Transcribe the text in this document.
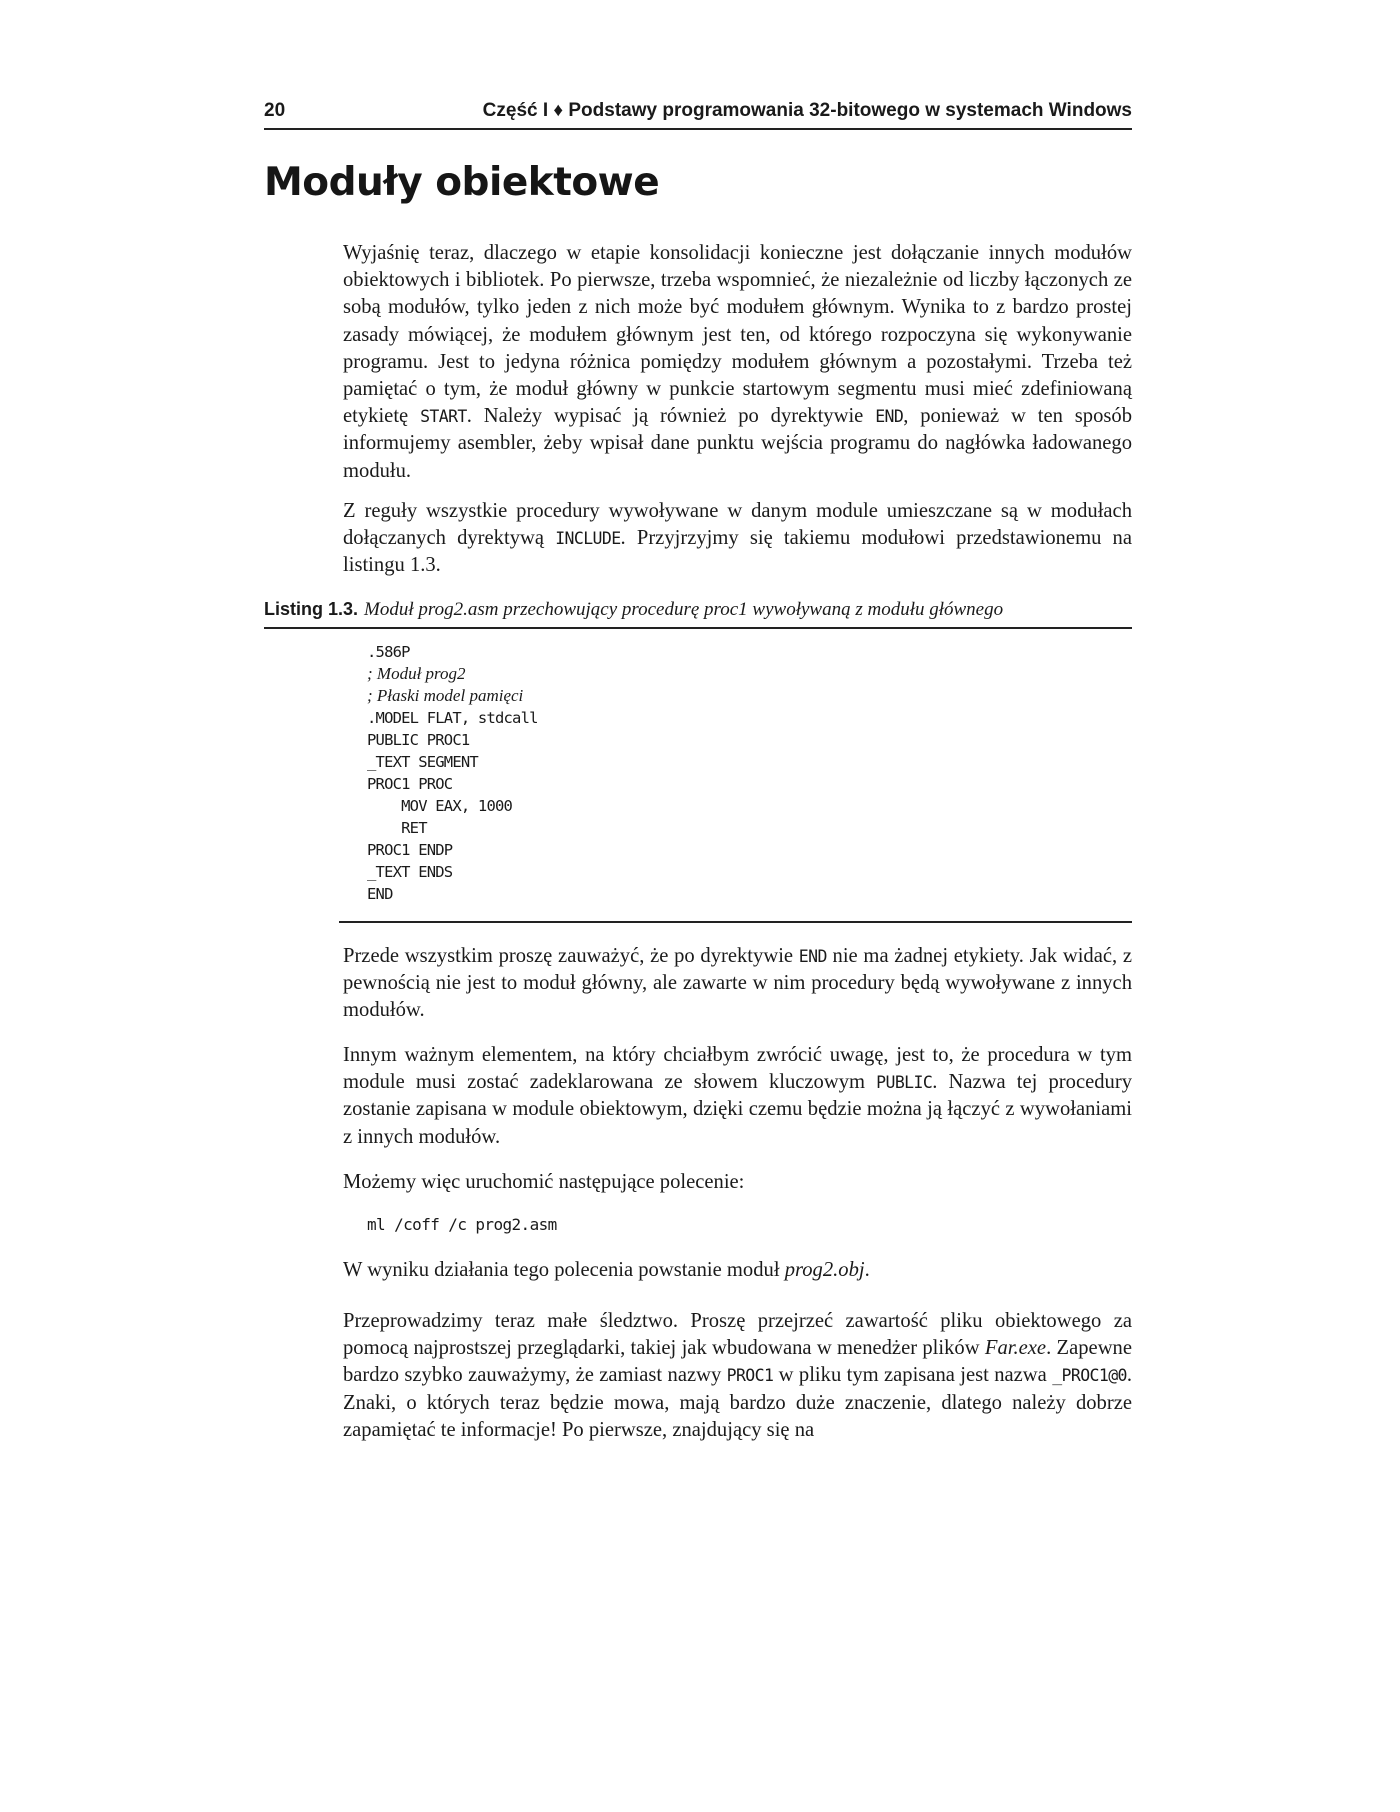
20	Część I ♦ Podstawy programowania 32-bitowego w systemach Windows
Moduły obiektowe

Wyjaśnię teraz, dlaczego w etapie konsolidacji konieczne jest dołączanie innych modułów obiektowych i bibliotek. Po pierwsze, trzeba wspomnieć, że niezależnie od liczby łączonych ze sobą modułów, tylko jeden z nich może być modułem głównym. Wynika to z bardzo prostej zasady mówiącej, że modułem głównym jest ten, od którego rozpoczyna się wykonywanie programu. Jest to jedyna różnica pomiędzy modułem głównym a pozostałymi. Trzeba też pamiętać o tym, że moduł główny w punkcie startowym segmentu musi mieć zdefiniowaną etykietę START. Należy wypisać ją również po dyrektywie END, ponieważ w ten sposób informujemy asembler, żeby wpisał dane punktu wejścia programu do nagłówka ładowanego modułu.

Z reguły wszystkie procedury wywoływane w danym module umieszczane są w modułach dołączanych dyrektywą INCLUDE. Przyjrzyjmy się takiemu modułowi przedstawionemu na listingu 1.3.

Listing 1.3. Moduł prog2.asm przechowujący procedurę proc1 wywoływaną z modułu głównego
.586P
; Moduł prog2
; Płaski model pamięci
.MODEL FLAT, stdcall
PUBLIC PROC1
_TEXT SEGMENT
PROC1 PROC
MOV EAX, 1000
RET
PROC1 ENDP
_TEXT ENDS
END

Przede wszystkim proszę zauważyć, że po dyrektywie END nie ma żadnej etykiety. Jak widać, z pewnością nie jest to moduł główny, ale zawarte w nim procedury będą wywoływane z innych modułów.

Innym ważnym elementem, na który chciałbym zwrócić uwagę, jest to, że procedura w tym module musi zostać zadeklarowana ze słowem kluczowym PUBLIC. Nazwa tej procedury zostanie zapisana w module obiektowym, dzięki czemu będzie można ją łączyć z wywołaniami z innych modułów.

Możemy więc uruchomić następujące polecenie:

ml /coff /c prog2.asm

W wyniku działania tego polecenia powstanie moduł prog2.obj.

Przeprowadzimy teraz małe śledztwo. Proszę przejrzeć zawartość pliku obiektowego za pomocą najprostszej przeglądarki, takiej jak wbudowana w menedżer plików Far.exe. Zapewne bardzo szybko zauważymy, że zamiast nazwy PROC1 w pliku tym zapisana jest nazwa _PROC1@0. Znaki, o których teraz będzie mowa, mają bardzo duże znaczenie, dlatego należy dobrze zapamiętać te informacje! Po pierwsze, znajdujący się na
